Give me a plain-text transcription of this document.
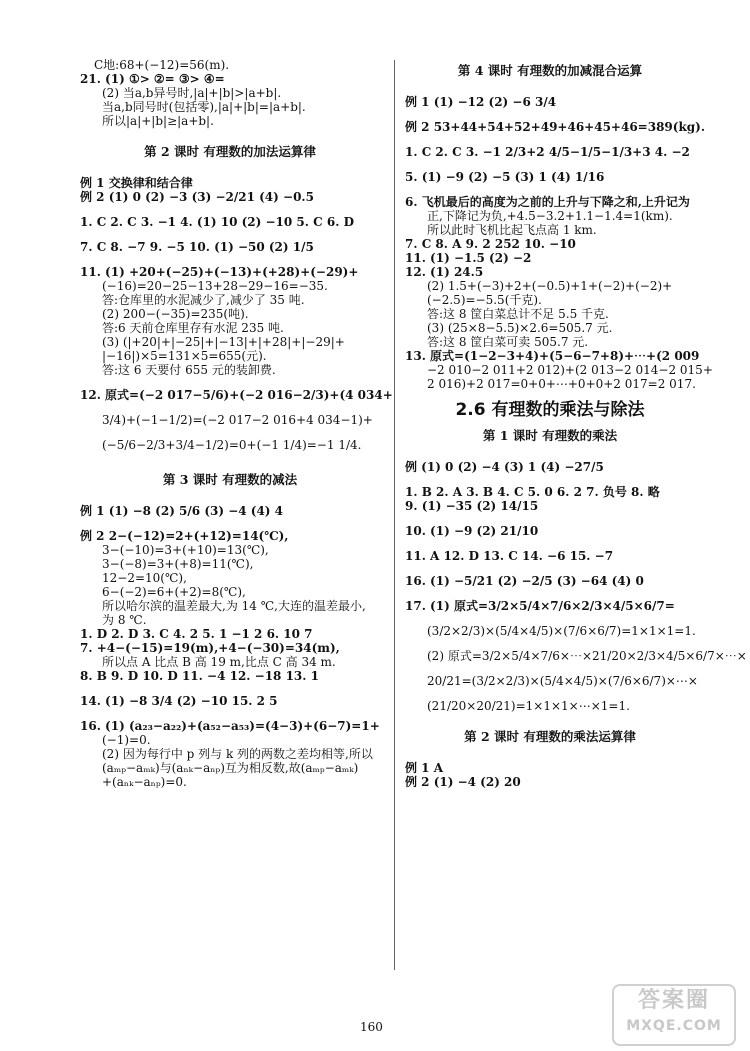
C地:68+(−12)=56(m).
21. (1) ①> ②= ③> ④=
(2) 当a,b异号时,|a|+|b|>|a+b|.
当a,b同号时(包括零),|a|+|b|=|a+b|.
所以|a|+|b|≥|a+b|.
第 2 课时 有理数的加法运算律
例 1 交换律和结合律
例 2 (1) 0 (2) −3 (3) −2/21 (4) −0.5
1. C 2. C 3. −1 4. (1) 10 (2) −10 5. C 6. D
7. C 8. −7 9. −5 10. (1) −50 (2) 1/5
11. (1) +20+(−25)+(−13)+(+28)+(−29)+
(−16)=20−25−13+28−29−16=−35.
答:仓库里的水泥减少了,减少了 35 吨.
(2) 200−(−35)=235(吨).
答:6 天前仓库里存有水泥 235 吨.
(3) (|+20|+|−25|+|−13|+|+28|+|−29|+
|−16|)×5=131×5=655(元).
答:这 6 天要付 655 元的装卸费.
12. 原式=(−2 017−5/6)+(−2 016−2/3)+(4 034+
3/4)+(−1−1/2)=(−2 017−2 016+4 034−1)+
(−5/6−2/3+3/4−1/2)=0+(−1 1/4)=−1 1/4.
第 3 课时 有理数的减法
例 1 (1) −8 (2) 5/6 (3) −4 (4) 4
例 2 2−(−12)=2+(+12)=14(℃),
3−(−10)=3+(+10)=13(℃),
3−(−8)=3+(+8)=11(℃),
12−2=10(℃),
6−(−2)=6+(+2)=8(℃),
所以哈尔滨的温差最大,为 14 ℃,大连的温差最小,
为 8 ℃.
1. D 2. D 3. C 4. 2 5. 1 −1 2 6. 10 7
7. +4−(−15)=19(m),+4−(−30)=34(m),
所以点 A 比点 B 高 19 m,比点 C 高 34 m.
8. B 9. D 10. D 11. −4 12. −18 13. 1
14. (1) −8 3/4 (2) −10 15. 2 5
16. (1) (a₂₃−a₂₂)+(a₅₂−a₅₃)=(4−3)+(6−7)=1+
(−1)=0.
(2) 因为每行中 p 列与 k 列的两数之差均相等,所以
(aₘₚ−aₘₖ)与(aₙₖ−aₙₚ)互为相反数,故(aₘₚ−aₘₖ)
+(aₙₖ−aₙₚ)=0.
第 4 课时 有理数的加减混合运算
例 1 (1) −12 (2) −6 3/4
例 2 53+44+54+52+49+46+45+46=389(kg).
1. C 2. C 3. −1 2/3+2 4/5−1/5−1/3+3 4. −2
5. (1) −9 (2) −5 (3) 1 (4) 1/16
6. 飞机最后的高度为之前的上升与下降之和,上升记为
正,下降记为负,+4.5−3.2+1.1−1.4=1(km).
所以此时飞机比起飞点高 1 km.
7. C 8. A 9. 2 252 10. −10
11. (1) −1.5 (2) −2
12. (1) 24.5
(2) 1.5+(−3)+2+(−0.5)+1+(−2)+(−2)+
(−2.5)=−5.5(千克).
答:这 8 筐白菜总计不足 5.5 千克.
(3) (25×8−5.5)×2.6=505.7 元.
答:这 8 筐白菜可卖 505.7 元.
13. 原式=(1−2−3+4)+(5−6−7+8)+⋯+(2 009
−2 010−2 011+2 012)+(2 013−2 014−2 015+
2 016)+2 017=0+0+⋯+0+0+2 017=2 017.
2.6 有理数的乘法与除法
第 1 课时 有理数的乘法
例 (1) 0 (2) −4 (3) 1 (4) −27/5
1. B 2. A 3. B 4. C 5. 0 6. 2 7. 负号 8. 略
9. (1) −35 (2) 14/15
10. (1) −9 (2) 21/10
11. A 12. D 13. C 14. −6 15. −7
16. (1) −5/21 (2) −2/5 (3) −64 (4) 0
17. (1) 原式=3/2×5/4×7/6×2/3×4/5×6/7=
(3/2×2/3)×(5/4×4/5)×(7/6×6/7)=1×1×1=1.
(2) 原式=3/2×5/4×7/6×⋯×21/20×2/3×4/5×6/7×⋯×
20/21=(3/2×2/3)×(5/4×4/5)×(7/6×6/7)×⋯×
(21/20×20/21)=1×1×1×⋯×1=1.
第 2 课时 有理数的乘法运算律
例 1 A
例 2 (1) −4 (2) 20
160
答案圈
MXQE.COM
